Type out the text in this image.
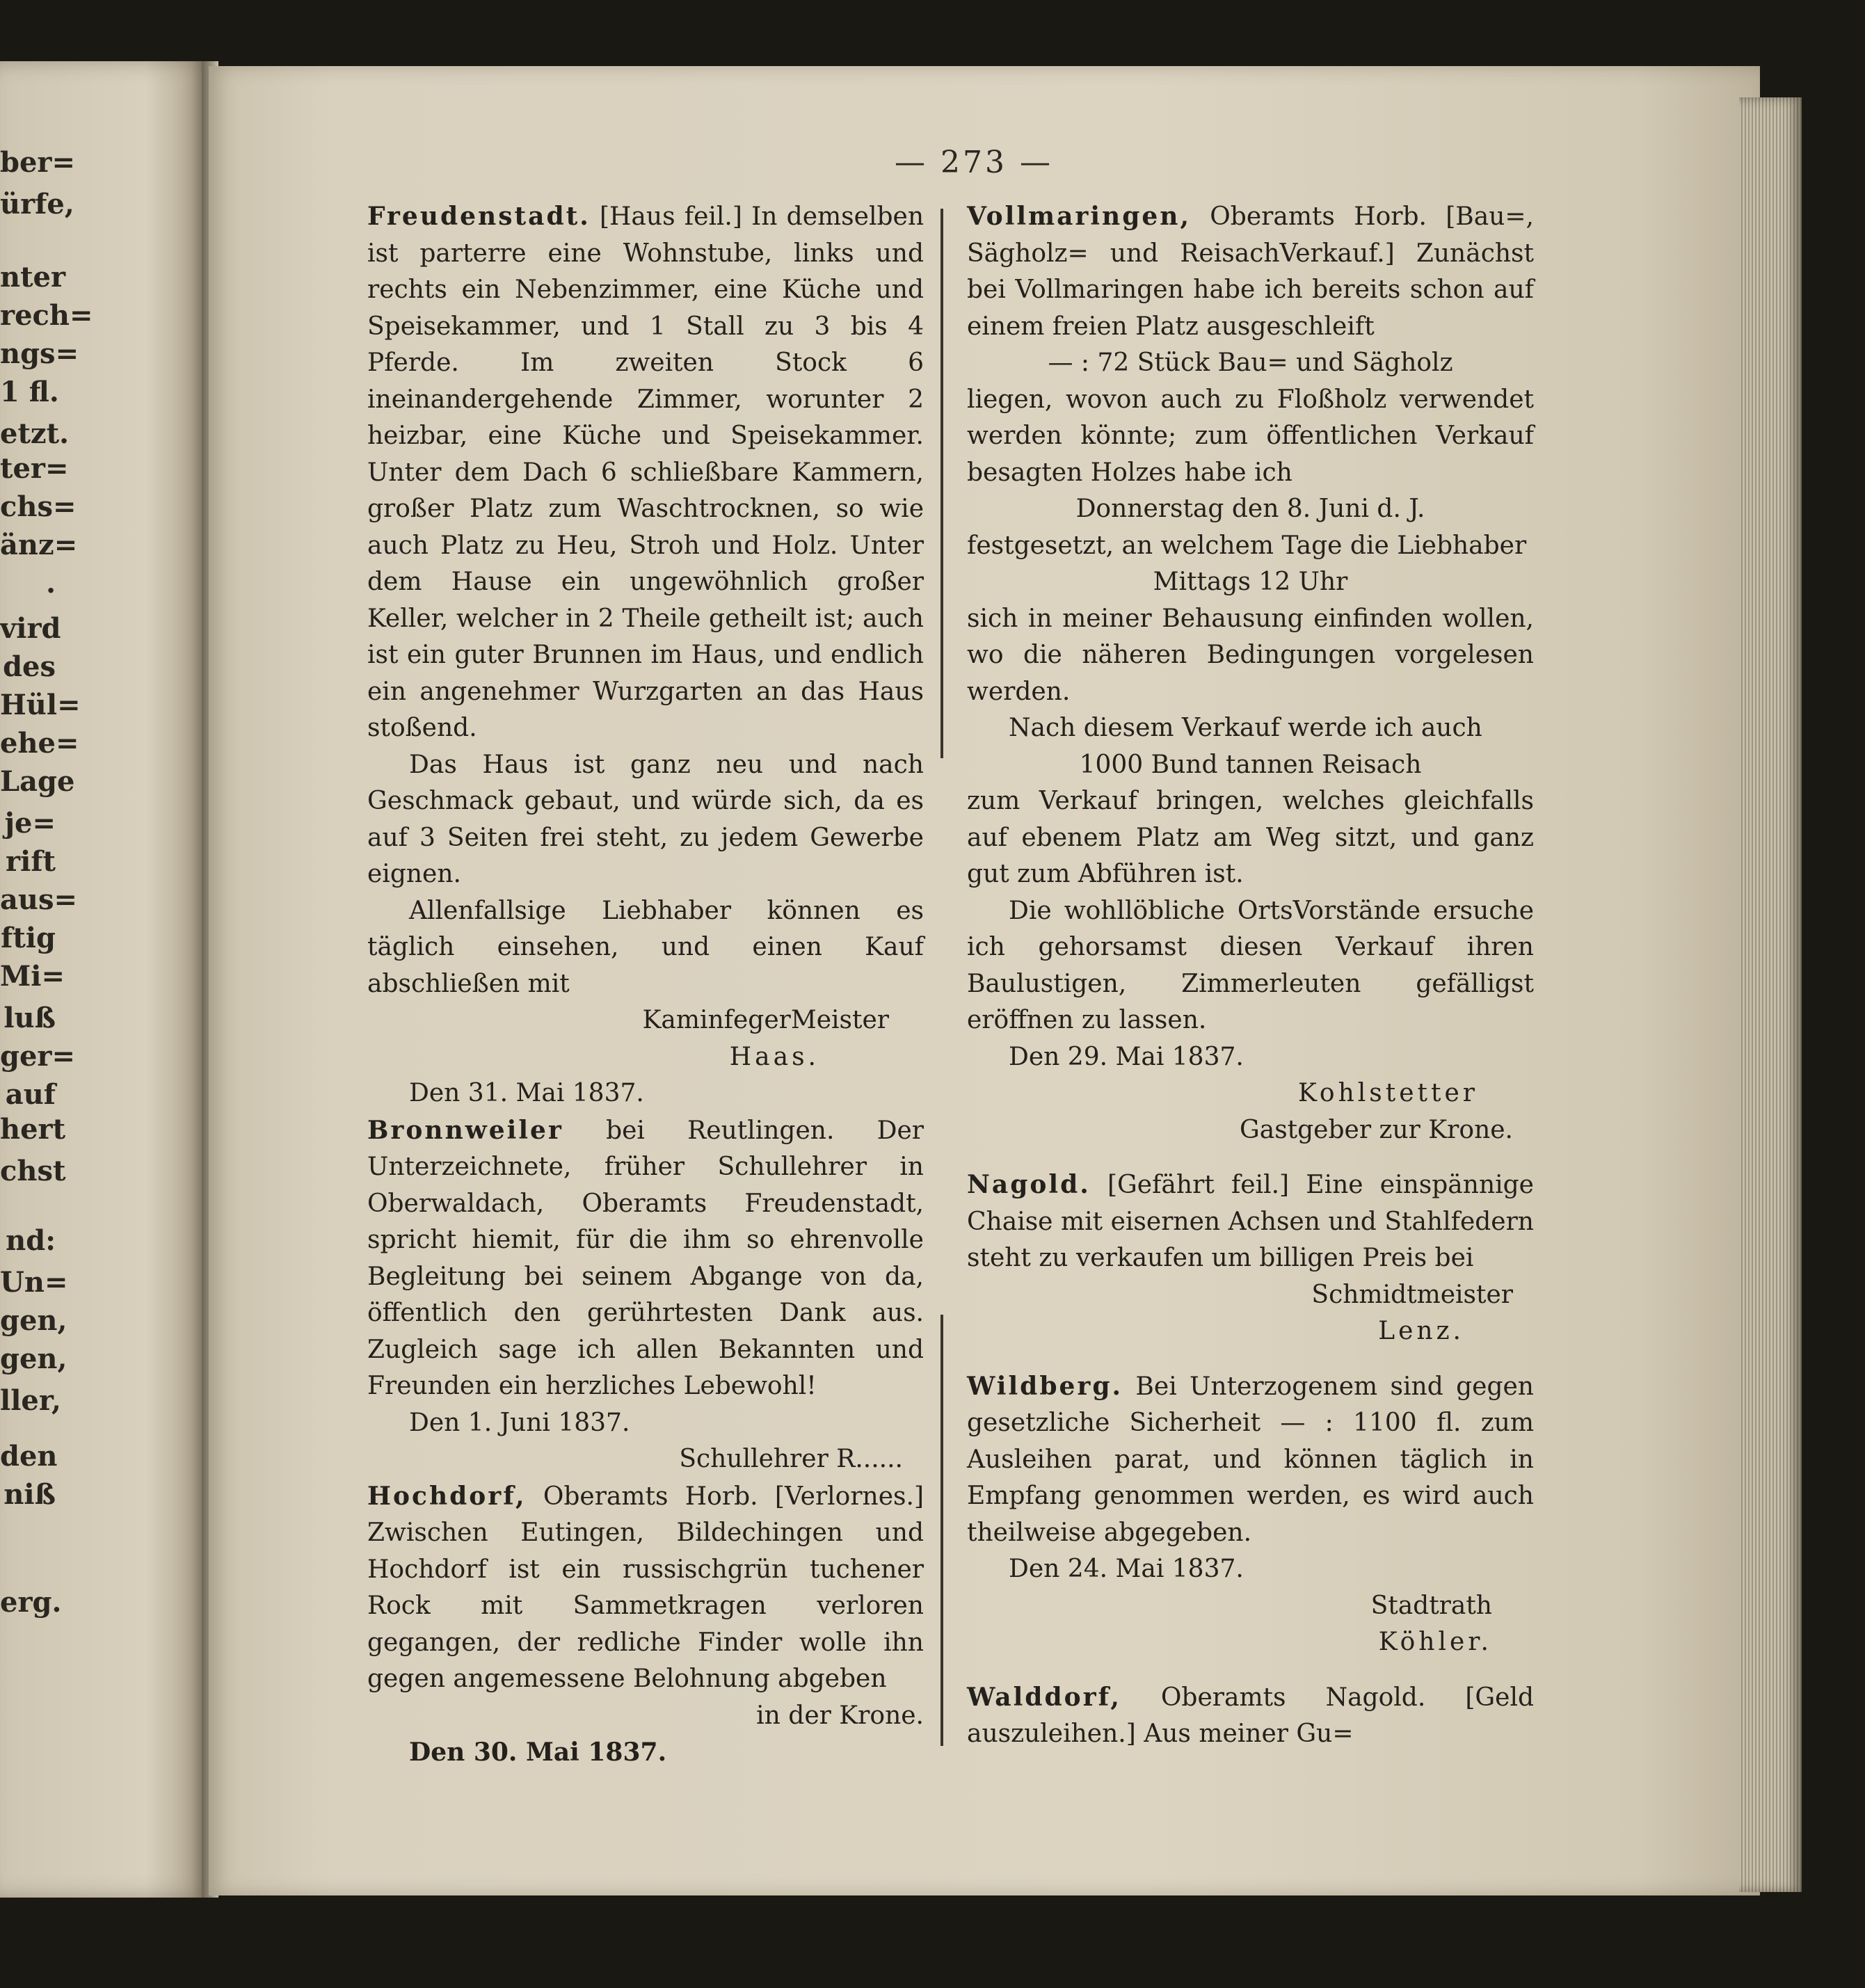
ber=
ürfe,
nter
rech=
ngs=
1 fl.
etzt.
ter=
chs=
änz=
.
vird
des
Hül=
ehe=
Lage
je=
rift
aus=
ftig
Mi=
luß
ger=
auf
hert
chst
nd:
Un=
gen,
gen,
ller,
den
niß
erg.
— 273 —

Freudenstadt. [Haus feil.] In demselben ist parterre eine Wohnstube, links und rechts ein Nebenzimmer, eine Küche und Speisekammer, und 1 Stall zu 3 bis 4 Pferde. Im zweiten Stock 6 ineinandergehende Zimmer, worunter 2 heizbar, eine Küche und Speisekammer. Unter dem Dach 6 schließbare Kammern, großer Platz zum Waschtrocknen, so wie auch Platz zu Heu, Stroh und Holz. Unter dem Hause ein ungewöhnlich großer Keller, welcher in 2 Theile getheilt ist; auch ist ein guter Brunnen im Haus, und endlich ein angenehmer Wurzgarten an das Haus stoßend.

Das Haus ist ganz neu und nach Geschmack gebaut, und würde sich, da es auf 3 Seiten frei steht, zu jedem Gewerbe eignen.

Allenfallsige Liebhaber können es täglich einsehen, und einen Kauf abschließen mit

KaminfegerMeister

Haas.

Den 31. Mai 1837.

Bronnweiler bei Reutlingen. Der Unterzeichnete, früher Schullehrer in Oberwaldach, Oberamts Freudenstadt, spricht hiemit, für die ihm so ehrenvolle Begleitung bei seinem Abgange von da, öffentlich den gerührtesten Dank aus. Zugleich sage ich allen Bekannten und Freunden ein herzliches Lebewohl!

Den 1. Juni 1837.

Schullehrer R......

Hochdorf, Oberamts Horb. [Verlornes.] Zwischen Eutingen, Bildechingen und Hochdorf ist ein russischgrün tuchener Rock mit Sammetkragen verloren gegangen, der redliche Finder wolle ihn gegen angemessene Belohnung abgeben

in der Krone.

Den 30. Mai 1837.

Vollmaringen, Oberamts Horb. [Bau=, Sägholz= und ReisachVerkauf.] Zunächst bei Vollmaringen habe ich bereits schon auf einem freien Platz ausgeschleift

— : 72 Stück Bau= und Sägholz

liegen, wovon auch zu Floßholz verwendet werden könnte; zum öffentlichen Verkauf besagten Holzes habe ich

Donnerstag den 8. Juni d. J.

festgesetzt, an welchem Tage die Liebhaber

Mittags 12 Uhr

sich in meiner Behausung einfinden wollen, wo die näheren Bedingungen vorgelesen werden.

Nach diesem Verkauf werde ich auch

1000 Bund tannen Reisach

zum Verkauf bringen, welches gleichfalls auf ebenem Platz am Weg sitzt, und ganz gut zum Abführen ist.

Die wohllöbliche OrtsVorstände ersuche ich gehorsamst diesen Verkauf ihren Baulustigen, Zimmerleuten gefälligst eröffnen zu lassen.

Den 29. Mai 1837.

Kohlstetter

Gastgeber zur Krone.

Nagold. [Gefährt feil.] Eine einspännige Chaise mit eisernen Achsen und Stahlfedern steht zu verkaufen um billigen Preis bei

Schmidtmeister

Lenz.

Wildberg. Bei Unterzogenem sind gegen gesetzliche Sicherheit — : 1100 fl. zum Ausleihen parat, und können täglich in Empfang genommen werden, es wird auch theilweise abgegeben.

Den 24. Mai 1837.

Stadtrath

Köhler.

Walddorf, Oberamts Nagold. [Geld auszuleihen.] Aus meiner Gu=
